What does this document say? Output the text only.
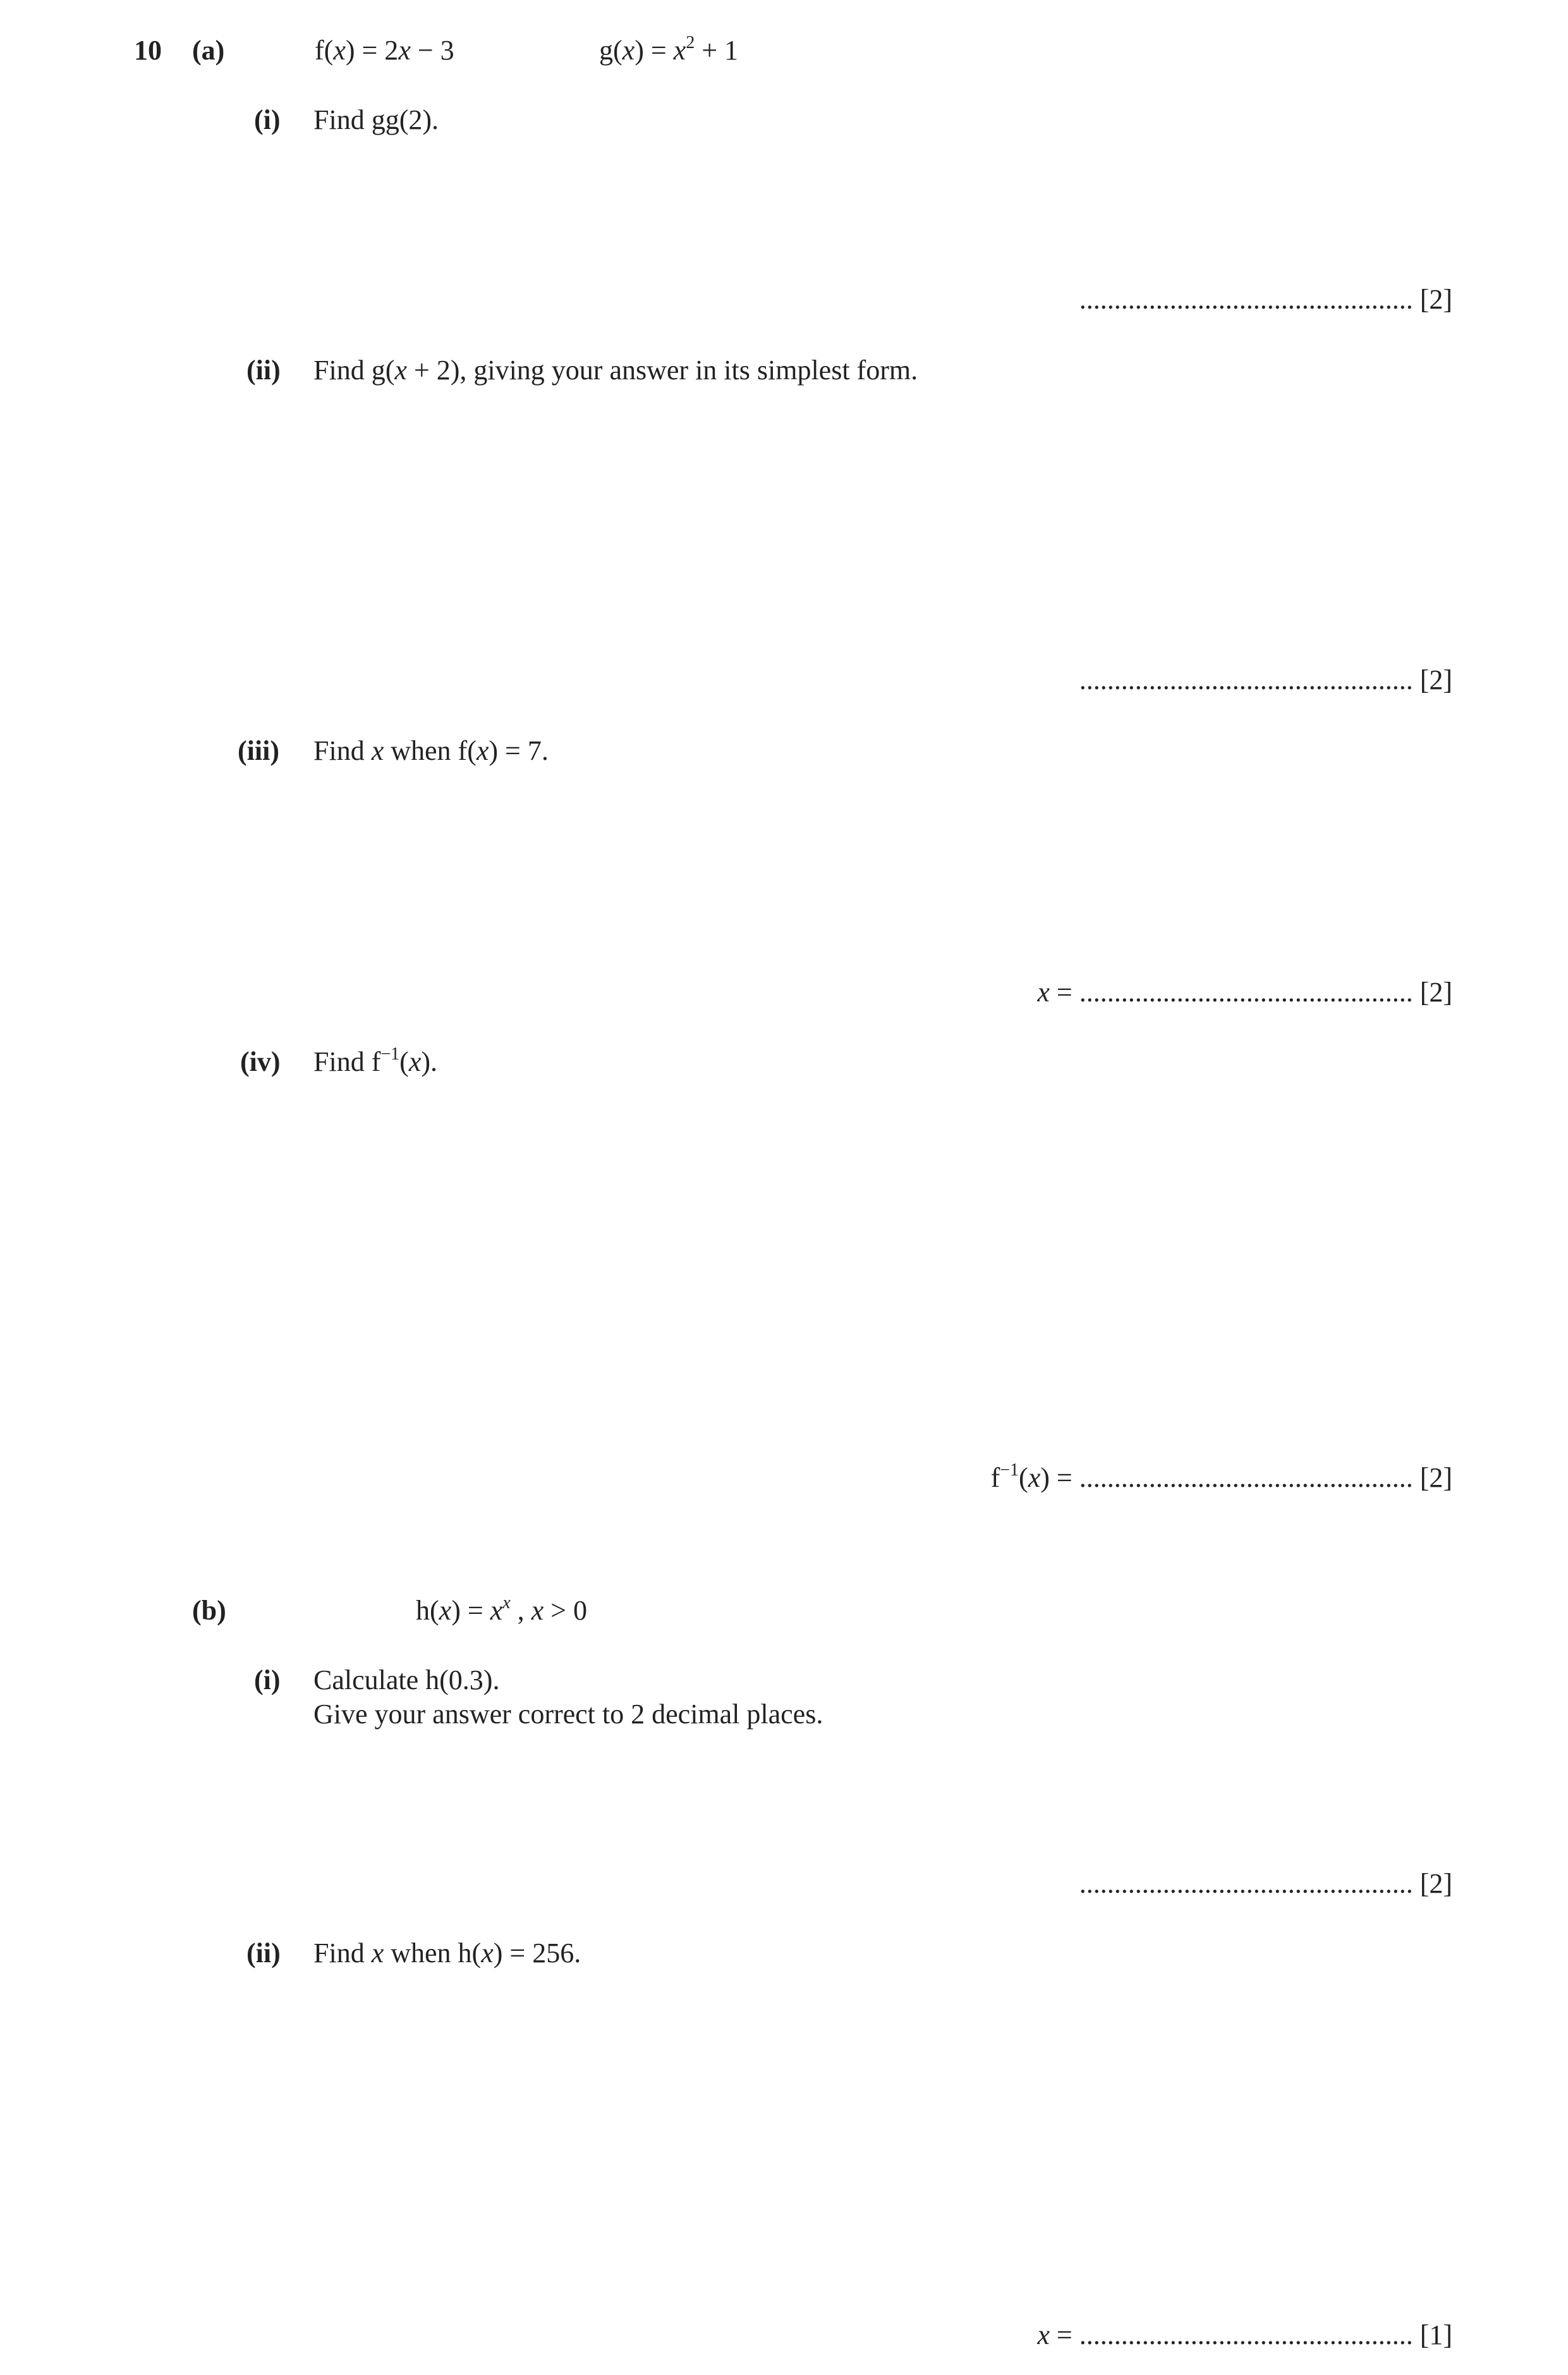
10 (a)	f(x) = 2x − 3	$g(x) = x^2 + 1$
(i) Find gg(2).
................................................ [2]
(ii) Find g(x + 2), giving your answer in its simplest form.
................................................ [2]
(iii) Find x when f(x) = 7.
x = ................................................ [2]
(iv) Find $f^{-1}(x)$.
$f^{-1}(x)$ = ................................................ [2]
(b)	$h(x) = x^x$ , x > 0
(i) Calculate h(0.3).
Give your answer correct to 2 decimal places.
................................................ [2]
(ii) Find x when h(x) = 256.
x = ................................................ [1]
